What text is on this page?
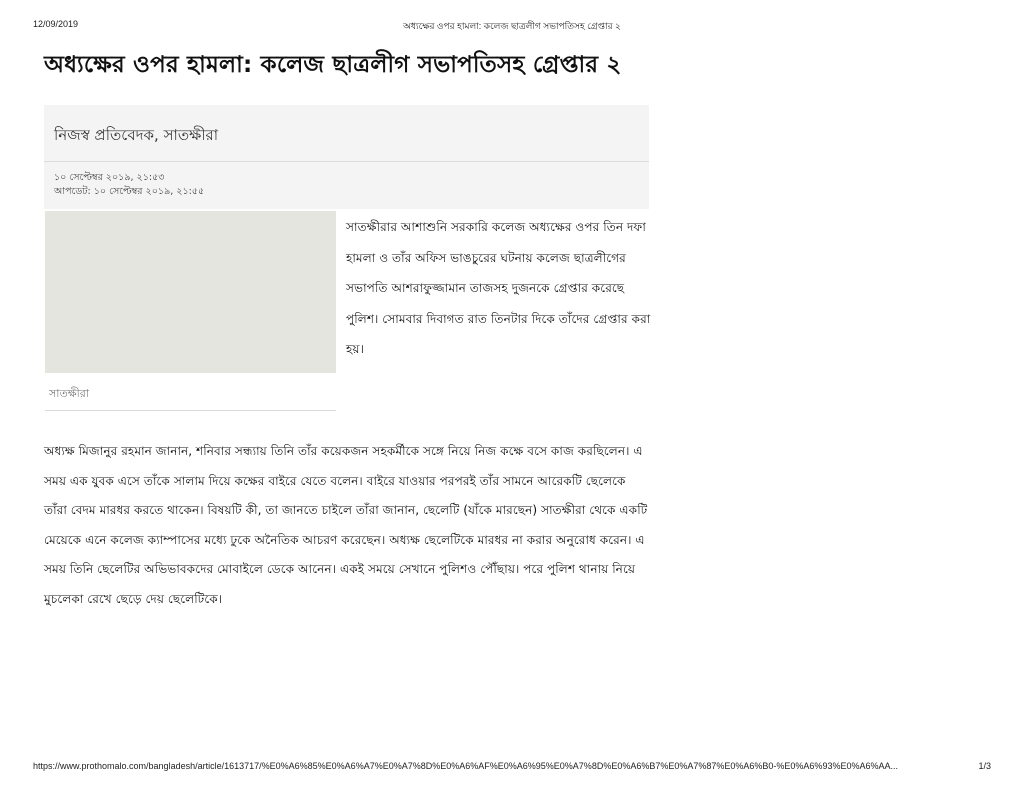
12/09/2019	অধ্যক্ষের ওপর হামলা: কলেজ ছাত্রলীগ সভাপতিসহ গ্রেপ্তার ২
অধ্যক্ষের ওপর হামলা: কলেজ ছাত্রলীগ সভাপতিসহ গ্রেপ্তার ২
নিজস্ব প্রতিবেদক, সাতক্ষীরা
১০ সেপ্টেম্বর ২০১৯, ২১:৫৩
আপডেট: ১০ সেপ্টেম্বর ২০১৯, ২১:৫৫
সাতক্ষীরা

সাতক্ষীরার আশাশুনি সরকারি কলেজ অধ্যক্ষের ওপর তিন দফা হামলা ও তাঁর অফিস ভাঙচুরের ঘটনায় কলেজ ছাত্রলীগের সভাপতি আশরাফুজ্জামান তাজসহ দুজনকে গ্রেপ্তার করেছে পুলিশ। সোমবার দিবাগত রাত তিনটার দিকে তাঁদের গ্রেপ্তার করা হয়।

অধ্যক্ষ মিজানুর রহমান জানান, শনিবার সন্ধ্যায় তিনি তাঁর কয়েকজন সহকর্মীকে সঙ্গে নিয়ে নিজ কক্ষে বসে কাজ করছিলেন। এ সময় এক যুবক এসে তাঁকে সালাম দিয়ে কক্ষের বাইরে যেতে বলেন। বাইরে যাওয়ার পরপরই তাঁর সামনে আরেকটি ছেলেকে তাঁরা বেদম মারধর করতে থাকেন। বিষয়টি কী, তা জানতে চাইলে তাঁরা জানান, ছেলেটি (যাঁকে মারছেন) সাতক্ষীরা থেকে একটি মেয়েকে এনে কলেজ ক্যাম্পাসের মধ্যে ঢুকে অনৈতিক আচরণ করেছেন। অধ্যক্ষ ছেলেটিকে মারধর না করার অনুরোধ করেন। এ সময় তিনি ছেলেটির অভিভাবকদের মোবাইলে ডেকে আনেন। একই সময়ে সেখানে পুলিশও পৌঁছায়। পরে পুলিশ থানায় নিয়ে মুচলেকা রেখে ছেড়ে দেয় ছেলেটিকে।

https://www.prothomalo.com/bangladesh/article/1613717/%E0%A6%85%E0%A6%A7%E0%A7%8D%E0%A6%AF%E0%A6%95%E0%A7%8D%E0%A6%B7%E0%A7%87%E0%A6%B0-%E0%A6%93%E0%A6%AA...	1/3
